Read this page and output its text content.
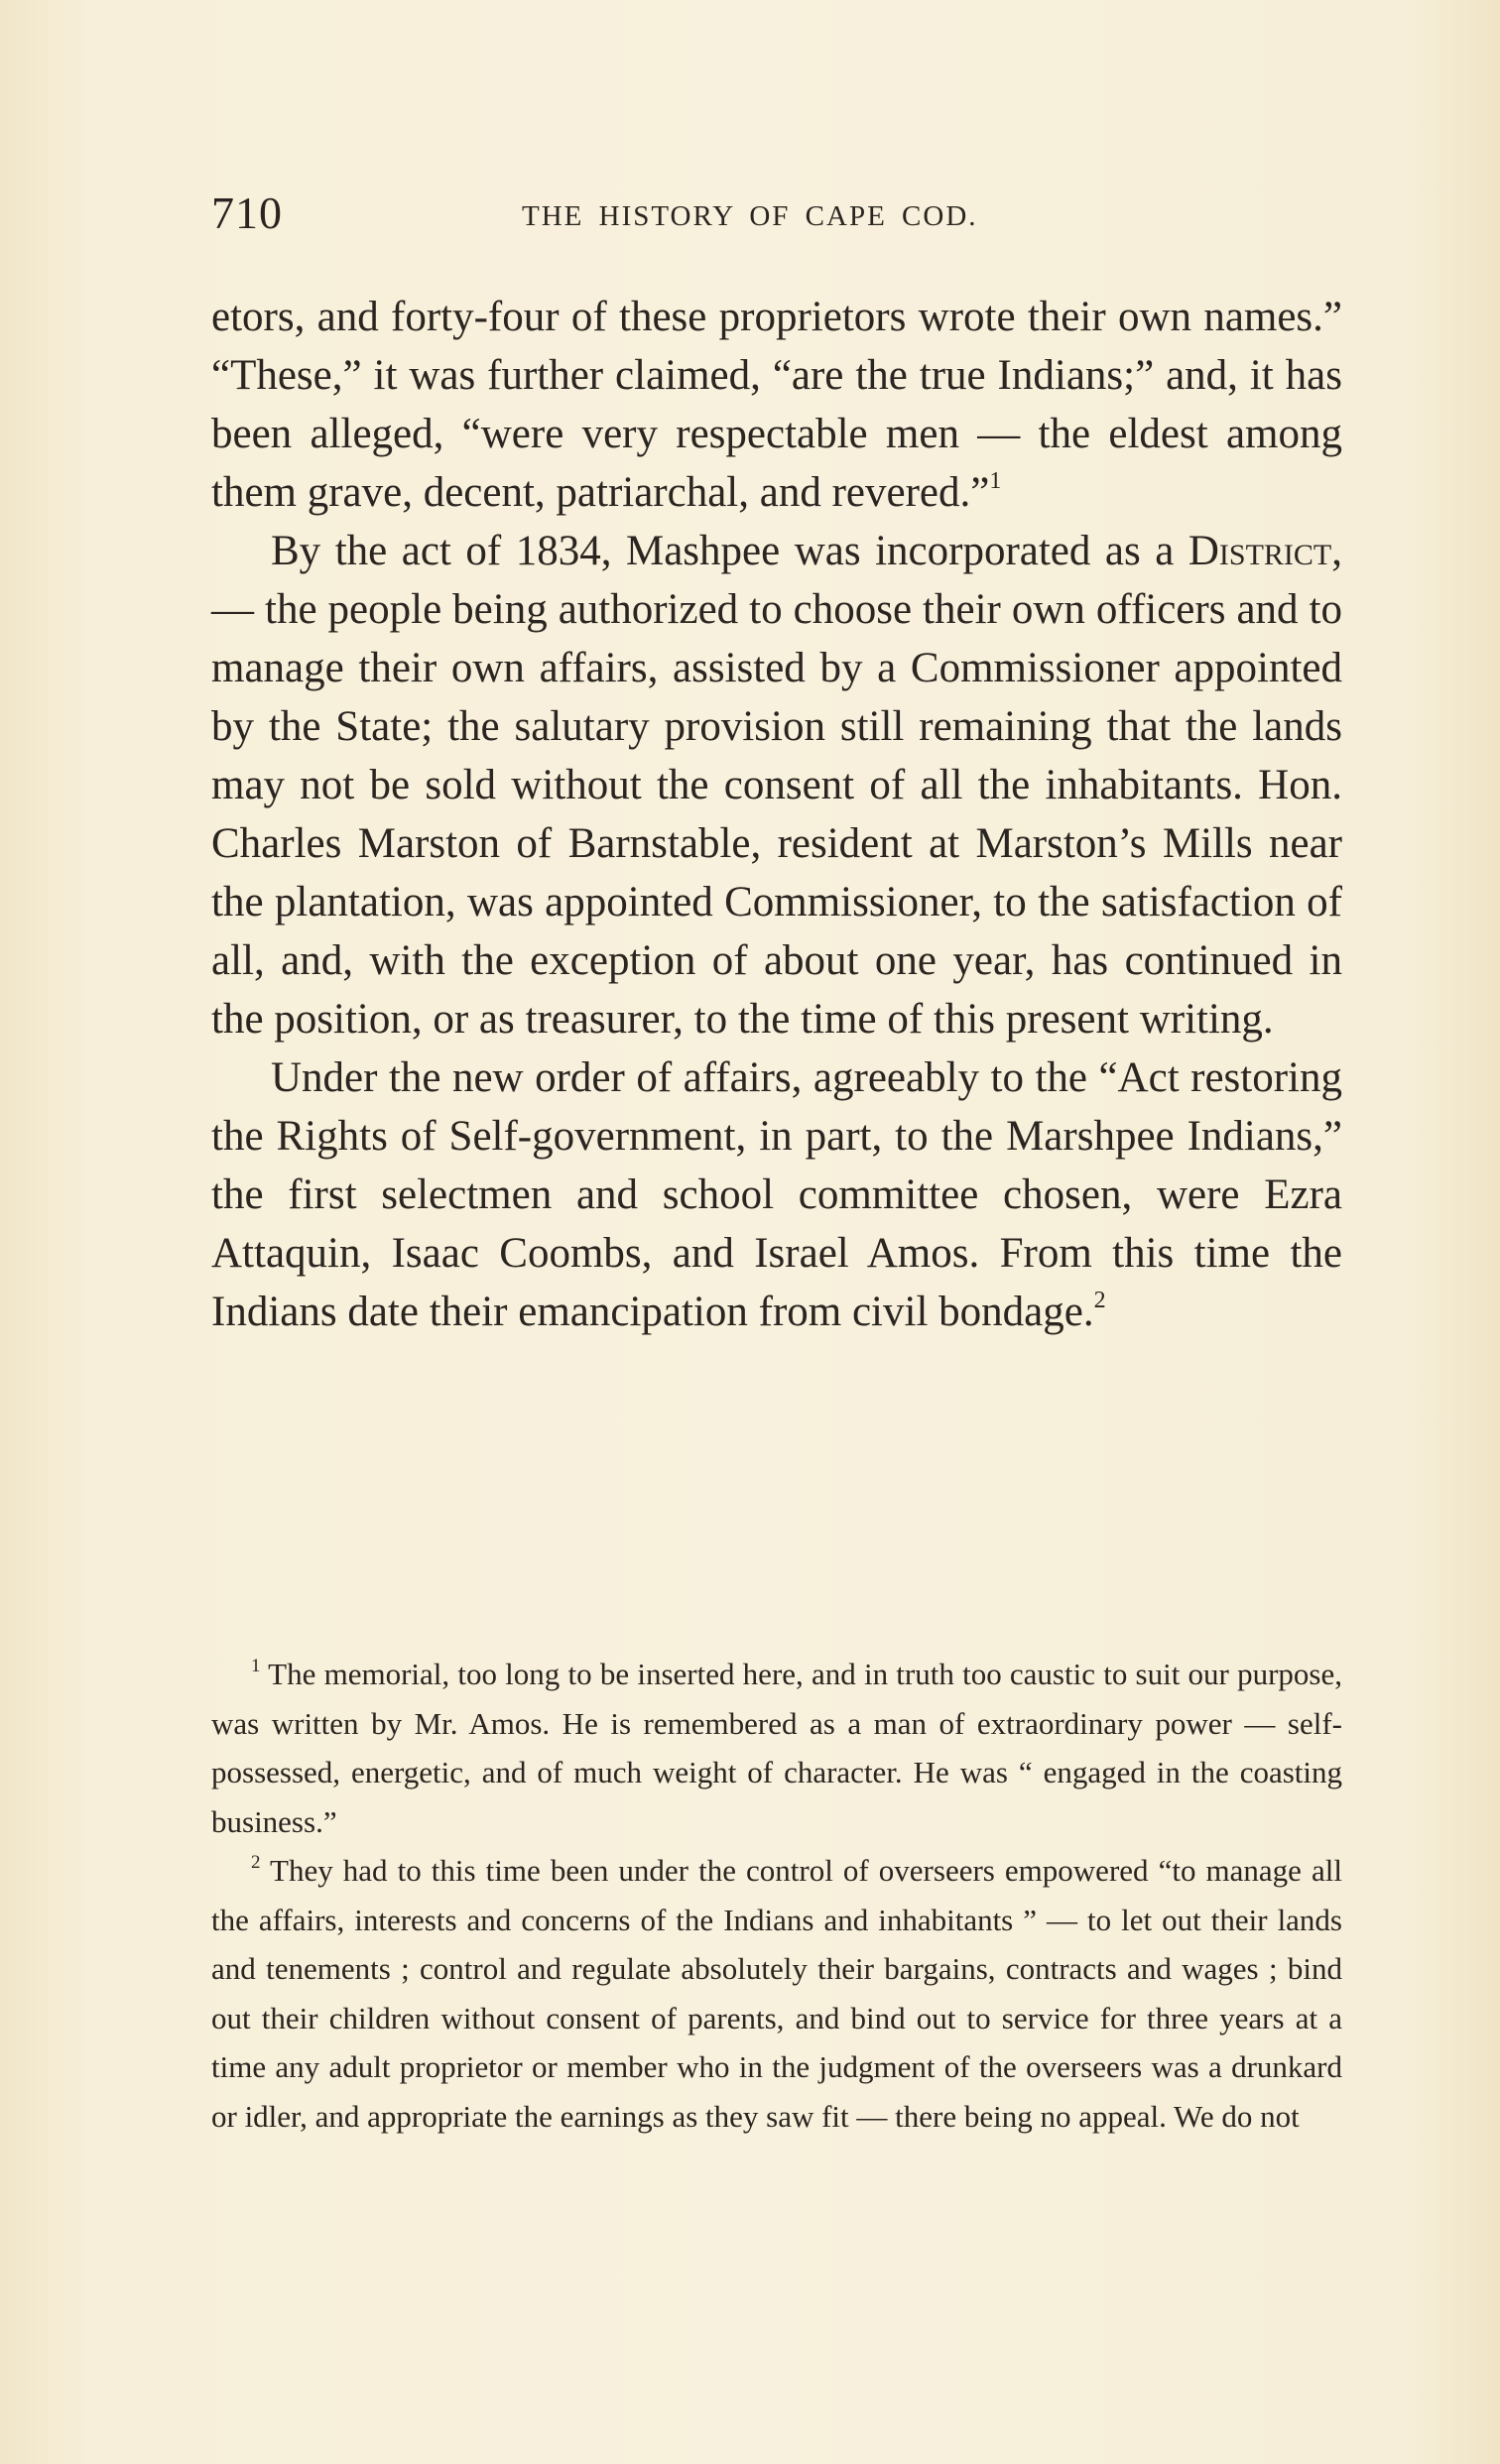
710	THE HISTORY OF CAPE COD.

etors, and forty-four of these proprietors wrote their own names.” “These,” it was further claimed, “are the true Indians;” and, it has been alleged, “were very respectable men — the eldest among them grave, decent, patriarchal, and revered.”$^1$

By the act of 1834, Mashpee was incorporated as a District, — the people being authorized to choose their own officers and to manage their own affairs, assisted by a Commissioner appointed by the State; the salutary provision still remaining that the lands may not be sold without the consent of all the inhabitants. Hon. Charles Marston of Barnstable, resident at Marston’s Mills near the plantation, was appointed Commissioner, to the satisfaction of all, and, with the exception of about one year, has continued in the position, or as treasurer, to the time of this present writing.

Under the new order of affairs, agreeably to the “Act restoring the Rights of Self-government, in part, to the Marshpee Indians,” the first selectmen and school committee chosen, were Ezra Attaquin, Isaac Coombs, and Israel Amos. From this time the Indians date their emancipation from civil bondage.$^2$

$^1$ The memorial, too long to be inserted here, and in truth too caustic to suit our purpose, was written by Mr. Amos. He is remembered as a man of extraordinary power — self-possessed, energetic, and of much weight of character. He was “ engaged in the coasting business.”

$^2$ They had to this time been under the control of overseers empowered “to manage all the affairs, interests and concerns of the Indians and inhabitants ” — to let out their lands and tenements ; control and regulate absolutely their bargains, contracts and wages ; bind out their children without consent of parents, and bind out to service for three years at a time any adult proprietor or member who in the judgment of the overseers was a drunkard or idler, and appropriate the earnings as they saw fit — there being no appeal. We do not
